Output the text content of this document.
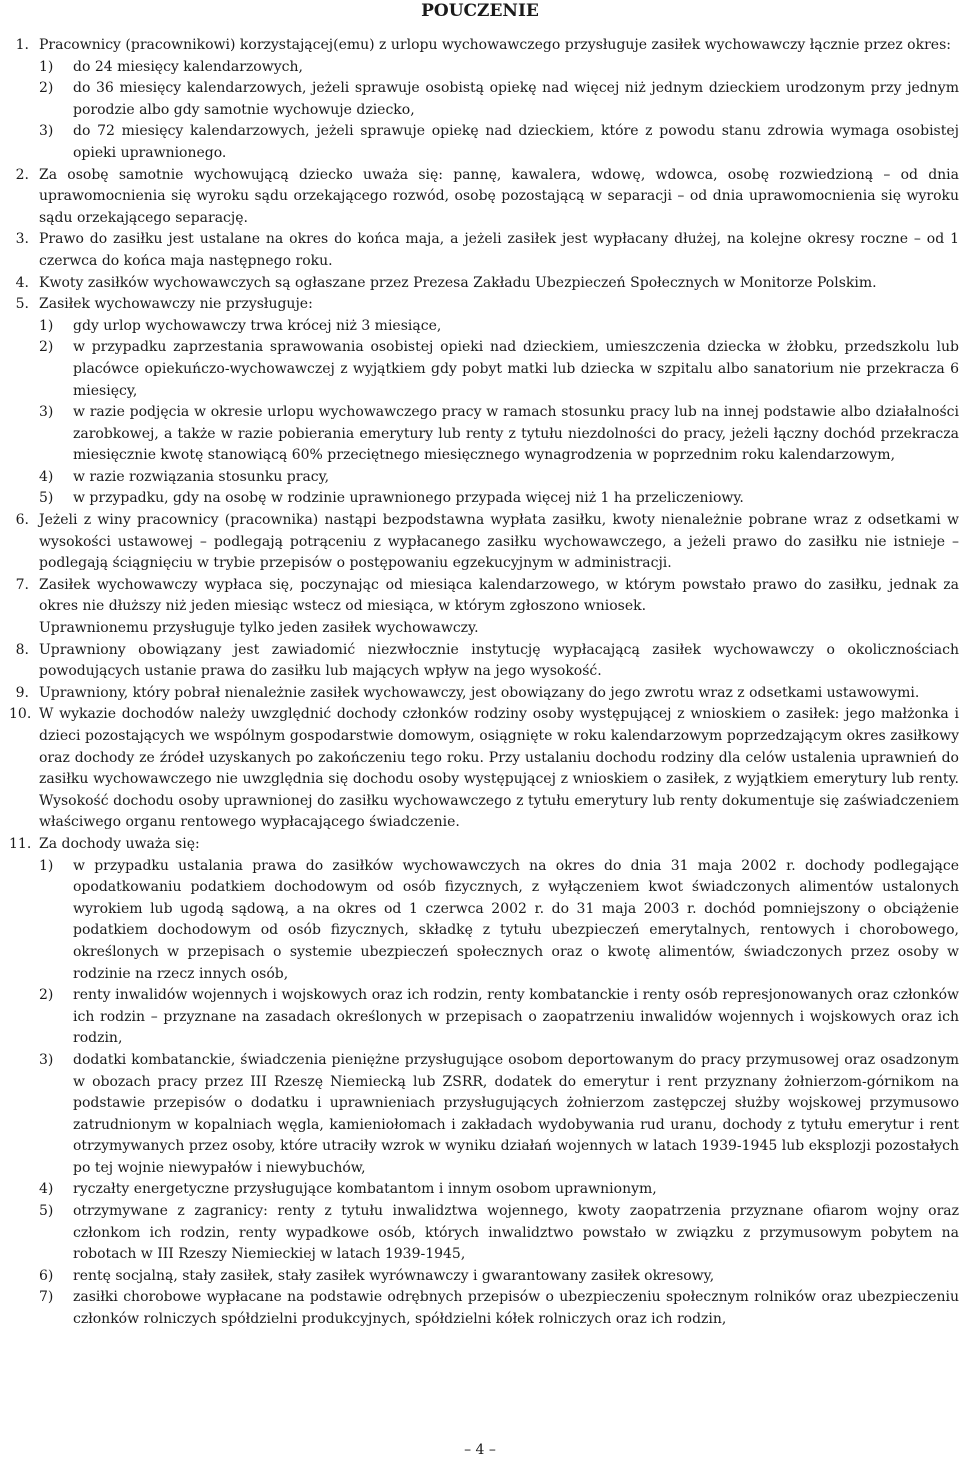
POUCZENIE
1. Pracownicy (pracownikowi) korzystającej(emu) z urlopu wychowawczego przysługuje zasiłek wychowawczy łącznie przez okres:
1) do 24 miesięcy kalendarzowych,
2) do 36 miesięcy kalendarzowych, jeżeli sprawuje osobistą opiekę nad więcej niż jednym dzieckiem urodzonym przy jednym porodzie albo gdy samotnie wychowuje dziecko,
3) do 72 miesięcy kalendarzowych, jeżeli sprawuje opiekę nad dzieckiem, które z powodu stanu zdrowia wymaga osobistej opieki uprawnionego.
2. Za osobę samotnie wychowującą dziecko uważa się: pannę, kawalera, wdowę, wdowca, osobę rozwiedzioną – od dnia uprawomocnienia się wyroku sądu orzekającego rozwód, osobę pozostającą w separacji – od dnia uprawomocnienia się wyroku sądu orzekającego separację.
3. Prawo do zasiłku jest ustalane na okres do końca maja, a jeżeli zasiłek jest wypłacany dłużej, na kolejne okresy roczne – od 1 czerwca do końca maja następnego roku.
4. Kwoty zasiłków wychowawczych są ogłaszane przez Prezesa Zakładu Ubezpieczeń Społecznych w Monitorze Polskim.
5. Zasiłek wychowawczy nie przysługuje:
1) gdy urlop wychowawczy trwa krócej niż 3 miesiące,
2) w przypadku zaprzestania sprawowania osobistej opieki nad dzieckiem, umieszczenia dziecka w żłobku, przedszkolu lub placówce opiekuńczo-wychowawczej z wyjątkiem gdy pobyt matki lub dziecka w szpitalu albo sanatorium nie przekracza 6 miesięcy,
3) w razie podjęcia w okresie urlopu wychowawczego pracy w ramach stosunku pracy lub na innej podstawie albo działalności zarobkowej, a także w razie pobierania emerytury lub renty z tytułu niezdolności do pracy, jeżeli łączny dochód przekracza miesięcznie kwotę stanowiącą 60% przeciętnego miesięcznego wynagrodzenia w poprzednim roku kalendarzowym,
4) w razie rozwiązania stosunku pracy,
5) w przypadku, gdy na osobę w rodzinie uprawnionego przypada więcej niż 1 ha przeliczeniowy.
6. Jeżeli z winy pracownicy (pracownika) nastąpi bezpodstawna wypłata zasiłku, kwoty nienależnie pobrane wraz z odsetkami w wysokości ustawowej – podlegają potrąceniu z wypłacanego zasiłku wychowawczego, a jeżeli prawo do zasiłku nie istnieje – podlegają ściągnięciu w trybie przepisów o postępowaniu egzekucyjnym w administracji.
7. Zasiłek wychowawczy wypłaca się, poczynając od miesiąca kalendarzowego, w którym powstało prawo do zasiłku, jednak za okres nie dłuższy niż jeden miesiąc wstecz od miesiąca, w którym zgłoszono wniosek.
Uprawnionemu przysługuje tylko jeden zasiłek wychowawczy.
8. Uprawniony obowiązany jest zawiadomić niezwłocznie instytucję wypłacającą zasiłek wychowawczy o okolicznościach powodujących ustanie prawa do zasiłku lub mających wpływ na jego wysokość.
9. Uprawniony, który pobrał nienależnie zasiłek wychowawczy, jest obowiązany do jego zwrotu wraz z odsetkami ustawowymi.
10. W wykazie dochodów należy uwzględnić dochody członków rodziny osoby występującej z wnioskiem o zasiłek: jego małżonka i dzieci pozostających we wspólnym gospodarstwie domowym, osiągnięte w roku kalendarzowym poprzedzającym okres zasiłkowy oraz dochody ze źródeł uzyskanych po zakończeniu tego roku. Przy ustalaniu dochodu rodziny dla celów ustalenia uprawnień do zasiłku wychowawczego nie uwzględnia się dochodu osoby występującej z wnioskiem o zasiłek, z wyjątkiem emerytury lub renty. Wysokość dochodu osoby uprawnionej do zasiłku wychowawczego z tytułu emerytury lub renty dokumentuje się zaświadczeniem właściwego organu rentowego wypłacającego świadczenie.
11. Za dochody uważa się:
1) w przypadku ustalania prawa do zasiłków wychowawczych na okres do dnia 31 maja 2002 r. dochody podlegające opodatkowaniu podatkiem dochodowym od osób fizycznych, z wyłączeniem kwot świadczonych alimentów ustalonych wyrokiem lub ugodą sądową, a na okres od 1 czerwca 2002 r. do 31 maja 2003 r. dochód pomniejszony o obciążenie podatkiem dochodowym od osób fizycznych, składkę z tytułu ubezpieczeń emerytalnych, rentowych i chorobowego, określonych w przepisach o systemie ubezpieczeń społecznych oraz o kwotę alimentów, świadczonych przez osoby w rodzinie na rzecz innych osób,
2) renty inwalidów wojennych i wojskowych oraz ich rodzin, renty kombatanckie i renty osób represjonowanych oraz członków ich rodzin – przyznane na zasadach określonych w przepisach o zaopatrzeniu inwalidów wojennych i wojskowych oraz ich rodzin,
3) dodatki kombatanckie, świadczenia pieniężne przysługujące osobom deportowanym do pracy przymusowej oraz osadzonym w obozach pracy przez III Rzeszę Niemiecką lub ZSRR, dodatek do emerytur i rent przyznany żołnierzom-górnikom na podstawie przepisów o dodatku i uprawnieniach przysługujących żołnierzom zastępczej służby wojskowej przymusowo zatrudnionym w kopalniach węgla, kamieniołomach i zakładach wydobywania rud uranu, dochody z tytułu emerytur i rent otrzymywanych przez osoby, które utraciły wzrok w wyniku działań wojennych w latach 1939-1945 lub eksplozji pozostałych po tej wojnie niewypałów i niewybuchów,
4) ryczałty energetyczne przysługujące kombatantom i innym osobom uprawnionym,
5) otrzymywane z zagranicy: renty z tytułu inwalidztwa wojennego, kwoty zaopatrzenia przyznane ofiarom wojny oraz członkom ich rodzin, renty wypadkowe osób, których inwalidztwo powstało w związku z przymusowym pobytem na robotach w III Rzeszy Niemieckiej w latach 1939-1945,
6) rentę socjalną, stały zasiłek, stały zasiłek wyrównawczy i gwarantowany zasiłek okresowy,
7) zasiłki chorobowe wypłacane na podstawie odrębnych przepisów o ubezpieczeniu społecznym rolników oraz ubezpieczeniu członków rolniczych spółdzielni produkcyjnych, spółdzielni kółek rolniczych oraz ich rodzin,
– 4 –
